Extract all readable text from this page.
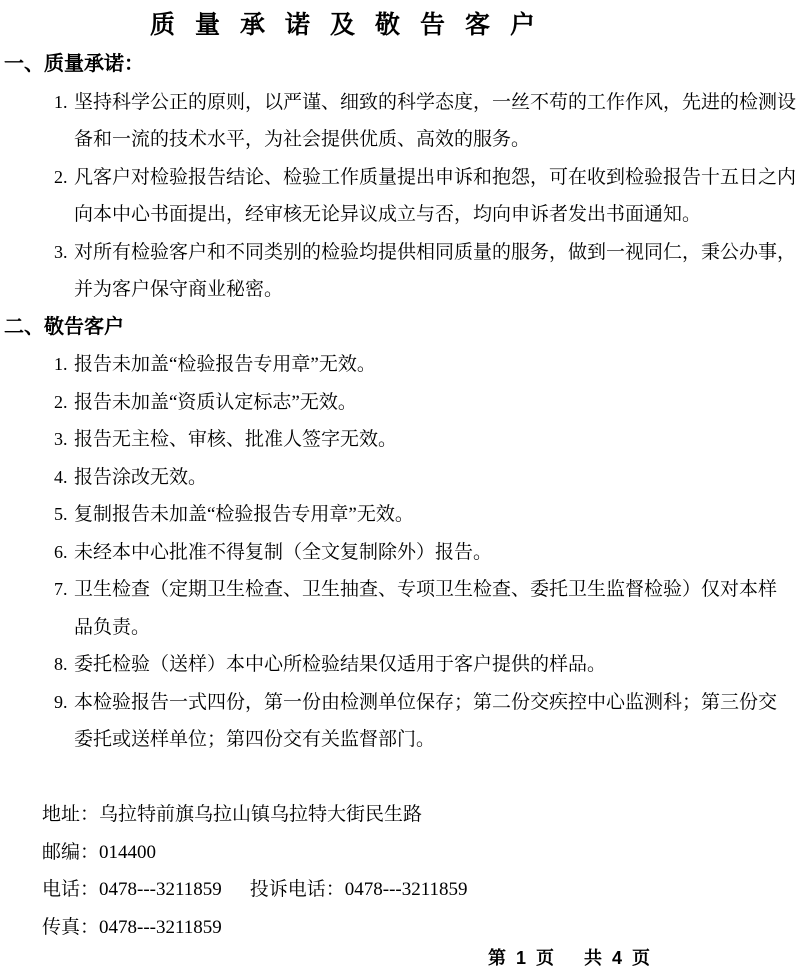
质量承诺及敬告客户
一、质量承诺：
1. 坚持科学公正的原则，以严谨、细致的科学态度，一丝不苟的工作作风，先进的检测设
备和一流的技术水平，为社会提供优质、高效的服务。
2. 凡客户对检验报告结论、检验工作质量提出申诉和抱怨，可在收到检验报告十五日之内
向本中心书面提出，经审核无论异议成立与否，均向申诉者发出书面通知。
3. 对所有检验客户和不同类别的检验均提供相同质量的服务，做到一视同仁，秉公办事，
并为客户保守商业秘密。
二、敬告客户
1. 报告未加盖“检验报告专用章”无效。
2. 报告未加盖“资质认定标志”无效。
3. 报告无主检、审核、批准人签字无效。
4. 报告涂改无效。
5. 复制报告未加盖“检验报告专用章”无效。
6. 未经本中心批准不得复制（全文复制除外）报告。
7. 卫生检查（定期卫生检查、卫生抽查、专项卫生检查、委托卫生监督检验）仅对本样
品负责。
8. 委托检验（送样）本中心所检验结果仅适用于客户提供的样品。
9. 本检验报告一式四份，第一份由检测单位保存；第二份交疾控中心监测科；第三份交
委托或送样单位；第四份交有关监督部门。
地址：乌拉特前旗乌拉山镇乌拉特大街民生路
邮编：014400
电话：0478---3211859 投诉电话：0478---3211859
传真：0478---3211859
第  1  页      共  4  页
